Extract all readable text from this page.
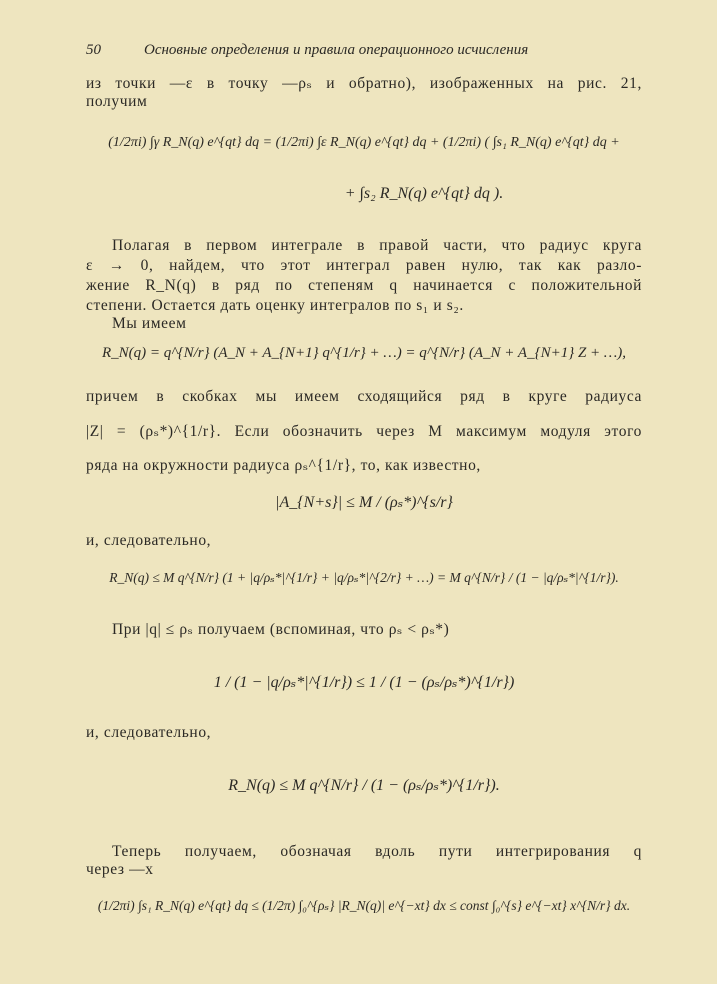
50	Основные определения и правила операционного исчисления
из точки —ε в точку —ρₛ и обратно), изображенных на рис. 21,
получим
(1/2πi) ∫γ R_N(q) e^{qt} dq = (1/2πi) ∫ε R_N(q) e^{qt} dq + (1/2πi) ( ∫s₁ R_N(q) e^{qt} dq +
+ ∫s₂ R_N(q) e^{qt} dq ).
Полагая в первом интеграле в правой части, что радиус круга
ε → 0, найдем, что этот интеграл равен нулю, так как разло-
жение R_N(q) в ряд по степеням q начинается с положительной
степени. Остается дать оценку интегралов по s₁ и s₂.
Мы имеем
R_N(q) = q^{N/r} (A_N + A_{N+1} q^{1/r} + …) = q^{N/r} (A_N + A_{N+1} Z + …),
причем в скобках мы имеем сходящийся ряд в круге радиуса
|Z| = (ρₛ*)^{1/r}. Если обозначить через M максимум модуля этого
ряда на окружности радиуса ρₛ^{1/r}, то, как известно,
|A_{N+s}| ≤ M / (ρₛ*)^{s/r}
и, следовательно,
R_N(q) ≤ M q^{N/r} (1 + |q/ρₛ*|^{1/r} + |q/ρₛ*|^{2/r} + …) = M q^{N/r} / (1 − |q/ρₛ*|^{1/r}).
При |q| ≤ ρₛ получаем (вспоминая, что ρₛ < ρₛ*)
1 / (1 − |q/ρₛ*|^{1/r}) ≤ 1 / (1 − (ρₛ/ρₛ*)^{1/r})
и, следовательно,
R_N(q) ≤ M q^{N/r} / (1 − (ρₛ/ρₛ*)^{1/r}).
Теперь получаем, обозначая вдоль пути интегрирования q
через —x
(1/2πi) ∫s₁ R_N(q) e^{qt} dq ≤ (1/2π) ∫₀^{ρₛ} |R_N(q)| e^{−xt} dx ≤ const ∫₀^{s} e^{−xt} x^{N/r} dx.
